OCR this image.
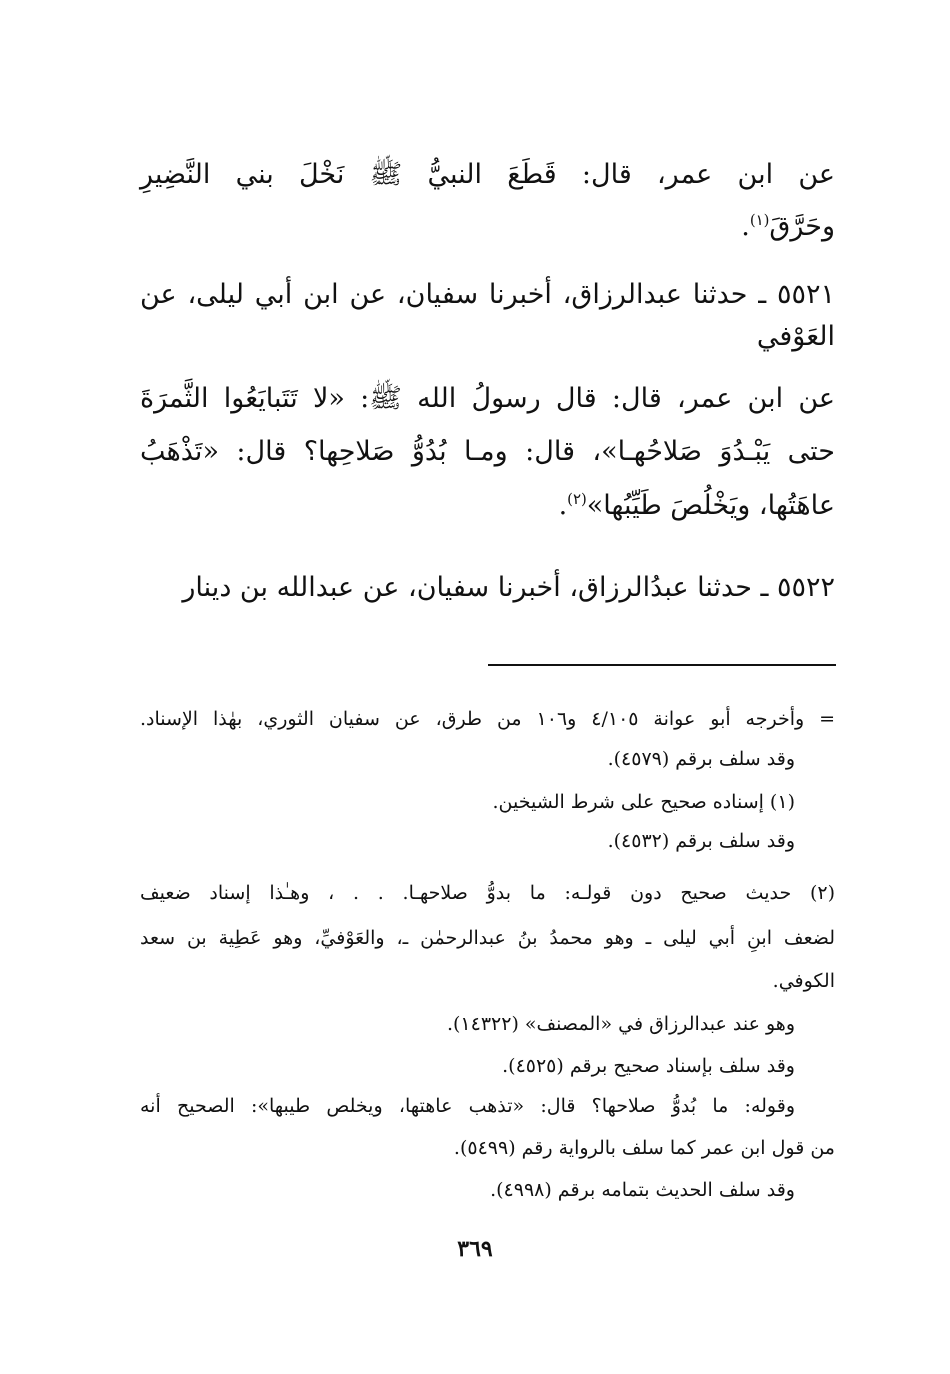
عن ابن عمر، قال: قَطَعَ النبيُّ ﷺ نَخْلَ بني النَّضِيرِ
وحَرَّقَ$^{(١)}$.
٥٥٢١ ـ حدثنا عبدالرزاق، أخبرنا سفيان، عن ابن أبي ليلى، عن
العَوْفي
عن ابن عمر، قال: قال رسولُ الله ﷺ: «لا تَتَبايَعُوا الثَّمرَةَ
حتى يَبْـدُوَ صَلاحُهـا»، قال: ومـا بُدُوُّ صَلاحِها؟ قال: «تَذْهَبُ
عاهَتُها، ويَخْلُصَ طَيِّبُها»$^{(٢)}$.
٥٥٢٢ ـ حدثنا عبدُالرزاق، أخبرنا سفيان، عن عبدالله بن دينار
= وأخرجه أبو عوانة ٤/١٠٥ و١٠٦ من طرق، عن سفيان الثوري، بهٰذا الإسناد.
وقد سلف برقم (٤٥٧٩).
(١) إسناده صحيح على شرط الشيخين.
وقد سلف برقم (٤٥٣٢).
(٢) حديث صحيح دون قولـه: ما بدوُّ صلاحهـا. . . ، وهـٰذا إسناد ضعيف
لضعف ابنِ أبي ليلى ـ وهو محمدُ بنُ عبدالرحمٰن ـ، والعَوْفيِّ، وهو عَطِية بن سعد
الكوفي.
وهو عند عبدالرزاق في «المصنف» (١٤٣٢٢).
وقد سلف بإسناد صحيح برقم (٤٥٢٥).
وقوله: ما بُدوُّ صلاحها؟ قال: «تذهب عاهتها، ويخلص طيبها»: الصحيح أنه
من قول ابن عمر كما سلف بالرواية رقم (٥٤٩٩).
وقد سلف الحديث بتمامه برقم (٤٩٩٨).
٣٦٩
